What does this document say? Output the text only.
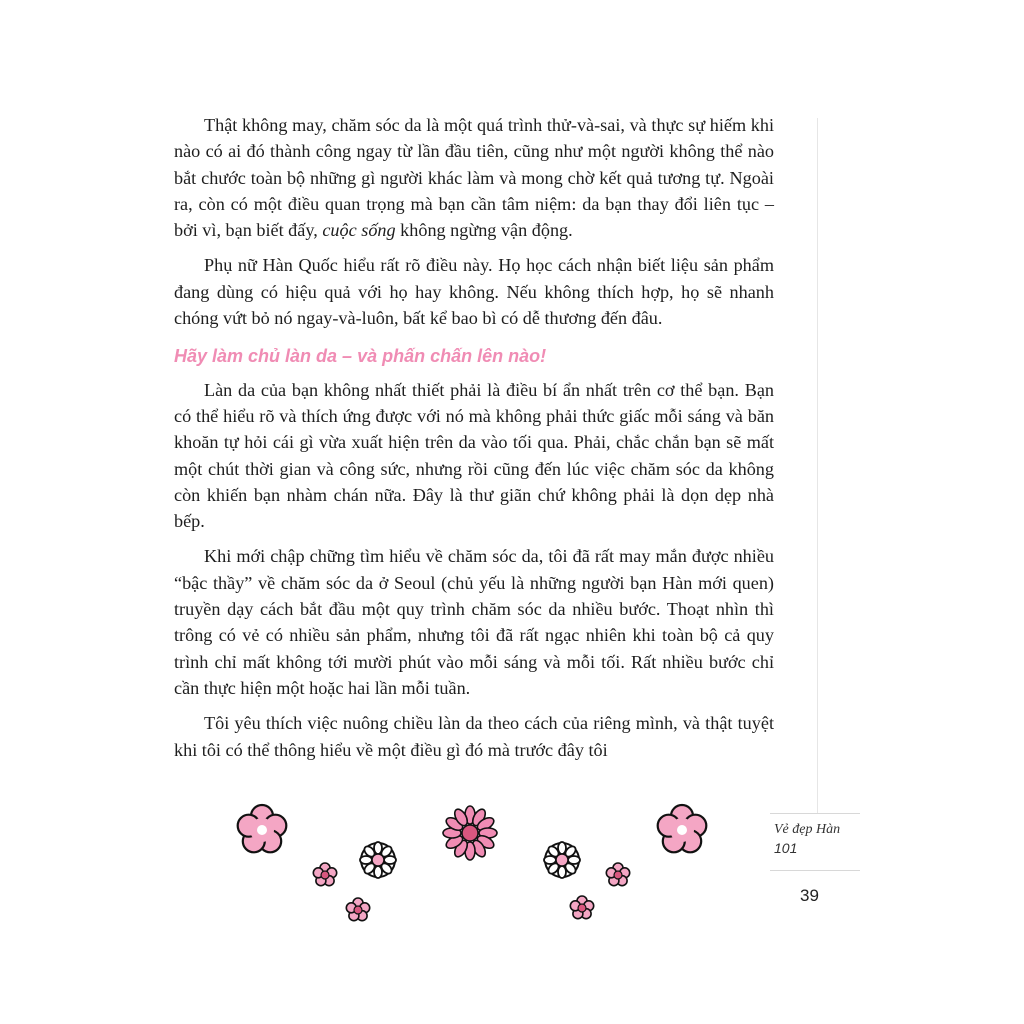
Thật không may, chăm sóc da là một quá trình thử-và-sai, và thực sự hiếm khi nào có ai đó thành công ngay từ lần đầu tiên, cũng như một người không thể nào bắt chước toàn bộ những gì người khác làm và mong chờ kết quả tương tự. Ngoài ra, còn có một điều quan trọng mà bạn cần tâm niệm: da bạn thay đổi liên tục – bởi vì, bạn biết đấy, cuộc sống không ngừng vận động.

Phụ nữ Hàn Quốc hiểu rất rõ điều này. Họ học cách nhận biết liệu sản phẩm đang dùng có hiệu quả với họ hay không. Nếu không thích hợp, họ sẽ nhanh chóng vứt bỏ nó ngay-và-luôn, bất kể bao bì có dễ thương đến đâu.

Hãy làm chủ làn da – và phấn chấn lên nào!

Làn da của bạn không nhất thiết phải là điều bí ẩn nhất trên cơ thể bạn. Bạn có thể hiểu rõ và thích ứng được với nó mà không phải thức giấc mỗi sáng và băn khoăn tự hỏi cái gì vừa xuất hiện trên da vào tối qua. Phải, chắc chắn bạn sẽ mất một chút thời gian và công sức, nhưng rồi cũng đến lúc việc chăm sóc da không còn khiến bạn nhàm chán nữa. Đây là thư giãn chứ không phải là dọn dẹp nhà bếp.

Khi mới chập chững tìm hiểu về chăm sóc da, tôi đã rất may mắn được nhiều “bậc thầy” về chăm sóc da ở Seoul (chủ yếu là những người bạn Hàn mới quen) truyền dạy cách bắt đầu một quy trình chăm sóc da nhiều bước. Thoạt nhìn thì trông có vẻ có nhiều sản phẩm, nhưng tôi đã rất ngạc nhiên khi toàn bộ cả quy trình chỉ mất không tới mười phút vào mỗi sáng và mỗi tối. Rất nhiều bước chỉ cần thực hiện một hoặc hai lần mỗi tuần.

Tôi yêu thích việc nuông chiều làn da theo cách của riêng mình, và thật tuyệt khi tôi có thể thông hiểu về một điều gì đó mà trước đây tôi

Vẻ đẹp Hàn
101
39
